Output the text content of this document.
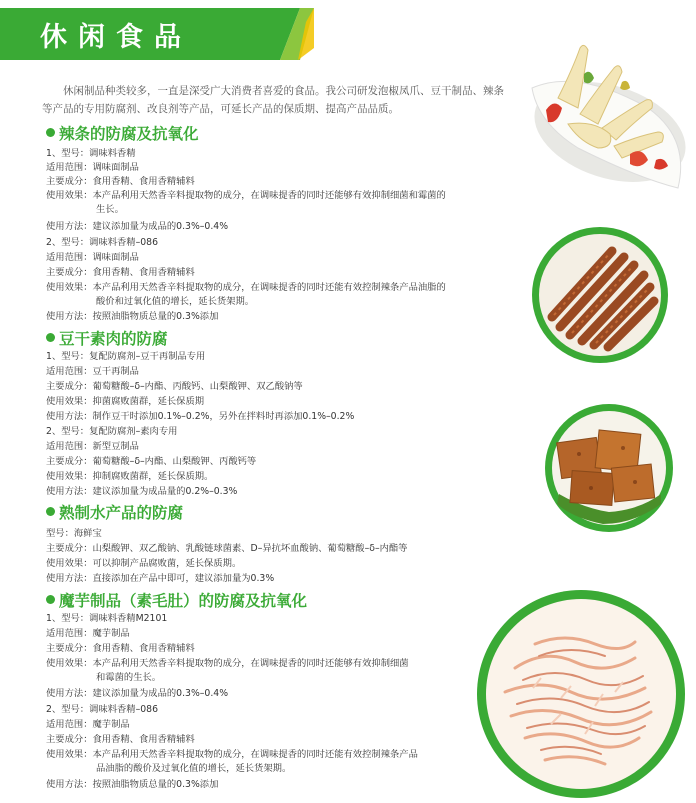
休闲食品
休闲制品种类较多，一直是深受广大消费者喜爱的食品。我公司研发泡椒凤爪、豆干制品、辣条等产品的专用防腐剂、改良剂等产品，可延长产品的保质期、提高产品品质。
辣条的防腐及抗氧化
1、型号：调味料香精
适用范围：调味面制品
主要成分：食用香精、食用香精辅料
使用效果：本产品利用天然香辛料提取物的成分，在调味提香的同时还能够有效抑制细菌和霉菌的
生长。
使用方法：建议添加量为成品的0.3%–0.4%
2、型号：调味料香精–086
适用范围：调味面制品
主要成分：食用香精、食用香精辅料
使用效果：本产品利用天然香辛料提取物的成分，在调味提香的同时还能有效控制辣条产品油脂的
酸价和过氧化值的增长，延长货架期。
使用方法：按照油脂物质总量的0.3%添加
豆干素肉的防腐
1、型号：复配防腐剂–豆干再制品专用
适用范围：豆干再制品
主要成分：葡萄糖酸–δ–内酯、丙酸钙、山梨酸钾、双乙酸钠等
使用效果：抑菌腐败菌群，延长保质期
使用方法：制作豆干时添加0.1%–0.2%，另外在拌料时再添加0.1%–0.2%
2、型号：复配防腐剂–素肉专用
适用范围：新型豆制品
主要成分：葡萄糖酸–δ–内酯、山梨酸钾、丙酸钙等
使用效果：抑制腐败菌群，延长保质期。
使用方法：建议添加量为成品量的0.2%–0.3%
熟制水产品的防腐
型号：海鲜宝
主要成分：山梨酸钾、双乙酸钠、乳酸链球菌素、D–异抗坏血酸钠、葡萄糖酸–δ–内酯等
使用效果：可以抑制产品腐败菌，延长保质期。
使用方法：直接添加在产品中即可，建议添加量为0.3%
魔芋制品（素毛肚）的防腐及抗氧化
1、型号：调味料香精M2101
适用范围：魔芋制品
主要成分：食用香精、食用香精辅料
使用效果：本产品利用天然香辛料提取物的成分，在调味提香的同时还能够有效抑制细菌
和霉菌的生长。
使用方法：建议添加量为成品的0.3%–0.4%
2、型号：调味料香精–086
适用范围：魔芋制品
主要成分：食用香精、食用香精辅料
使用效果：本产品利用天然香辛料提取物的成分，在调味提香的同时还能有效控制辣条产品
品油脂的酸价及过氧化值的增长，延长货架期。
使用方法：按照油脂物质总量的0.3%添加
